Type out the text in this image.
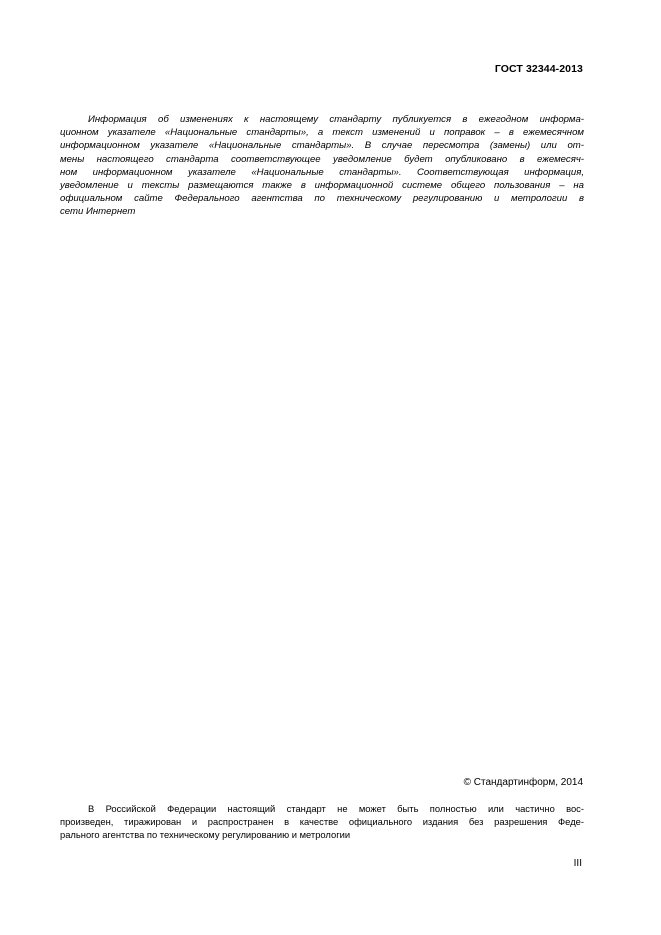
ГОСТ 32344-2013
Информация об изменениях к настоящему стандарту публикуется в ежегодном информа-
ционном указателе «Национальные стандарты», а текст изменений и поправок – в ежемесячном
информационном указателе «Национальные стандарты». В случае пересмотра (замены) или от-
мены настоящего стандарта соответствующее уведомление будет опубликовано в ежемесяч-
ном информационном указателе «Национальные стандарты». Соответствующая информация,
уведомление и тексты размещаются также в информационной системе общего пользования – на
официальном сайте Федерального агентства по техническому регулированию и метрологии в
сети Интернет
© Стандартинформ, 2014
В Российской Федерации настоящий стандарт не может быть полностью или частично вос-
произведен, тиражирован и распространен в качестве официального издания без разрешения Феде-
рального агентства по техническому регулированию и метрологии
III
